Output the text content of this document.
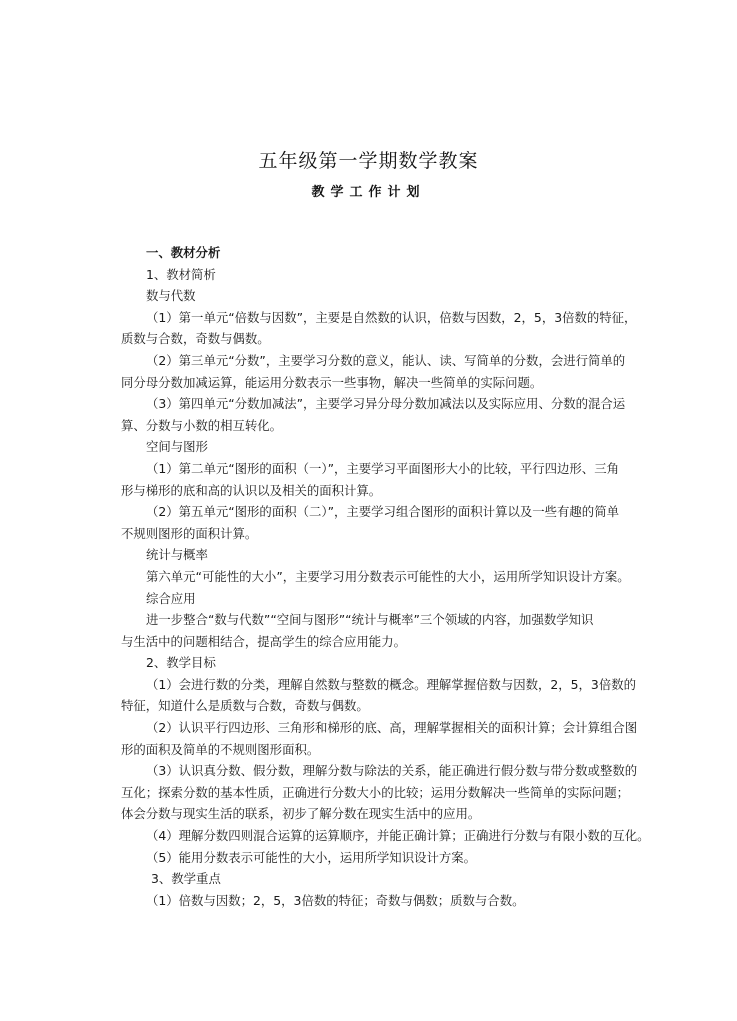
五年级第一学期数学教案
教学工作计划

一、教材分析

1、教材简析

数与代数

（1）第一单元“倍数与因数”，主要是自然数的认识，倍数与因数，2，5，3倍数的特征，

质数与合数，奇数与偶数。

（2）第三单元“分数”，主要学习分数的意义，能认、读、写简单的分数，会进行简单的

同分母分数加减运算，能运用分数表示一些事物，解决一些简单的实际问题。

（3）第四单元“分数加减法”，主要学习异分母分数加减法以及实际应用、分数的混合运

算、分数与小数的相互转化。

空间与图形

（1）第二单元“图形的面积（一）”，主要学习平面图形大小的比较，平行四边形、三角

形与梯形的底和高的认识以及相关的面积计算。

（2）第五单元“图形的面积（二）”，主要学习组合图形的面积计算以及一些有趣的简单

不规则图形的面积计算。

统计与概率

第六单元“可能性的大小”，主要学习用分数表示可能性的大小，运用所学知识设计方案。

综合应用

进一步整合“数与代数”“空间与图形”“统计与概率”三个领域的内容，加强数学知识

与生活中的问题相结合，提高学生的综合应用能力。

2、教学目标

（1）会进行数的分类，理解自然数与整数的概念。理解掌握倍数与因数，2，5，3倍数的

特征，知道什么是质数与合数，奇数与偶数。

（2）认识平行四边形、三角形和梯形的底、高，理解掌握相关的面积计算；会计算组合图

形的面积及简单的不规则图形面积。

（3）认识真分数、假分数，理解分数与除法的关系，能正确进行假分数与带分数或整数的

互化；探索分数的基本性质，正确进行分数大小的比较；运用分数解决一些简单的实际问题；

体会分数与现实生活的联系，初步了解分数在现实生活中的应用。

（4）理解分数四则混合运算的运算顺序，并能正确计算；正确进行分数与有限小数的互化。

（5）能用分数表示可能性的大小，运用所学知识设计方案。

3、教学重点

（1）倍数与因数；2，5，3倍数的特征；奇数与偶数；质数与合数。
